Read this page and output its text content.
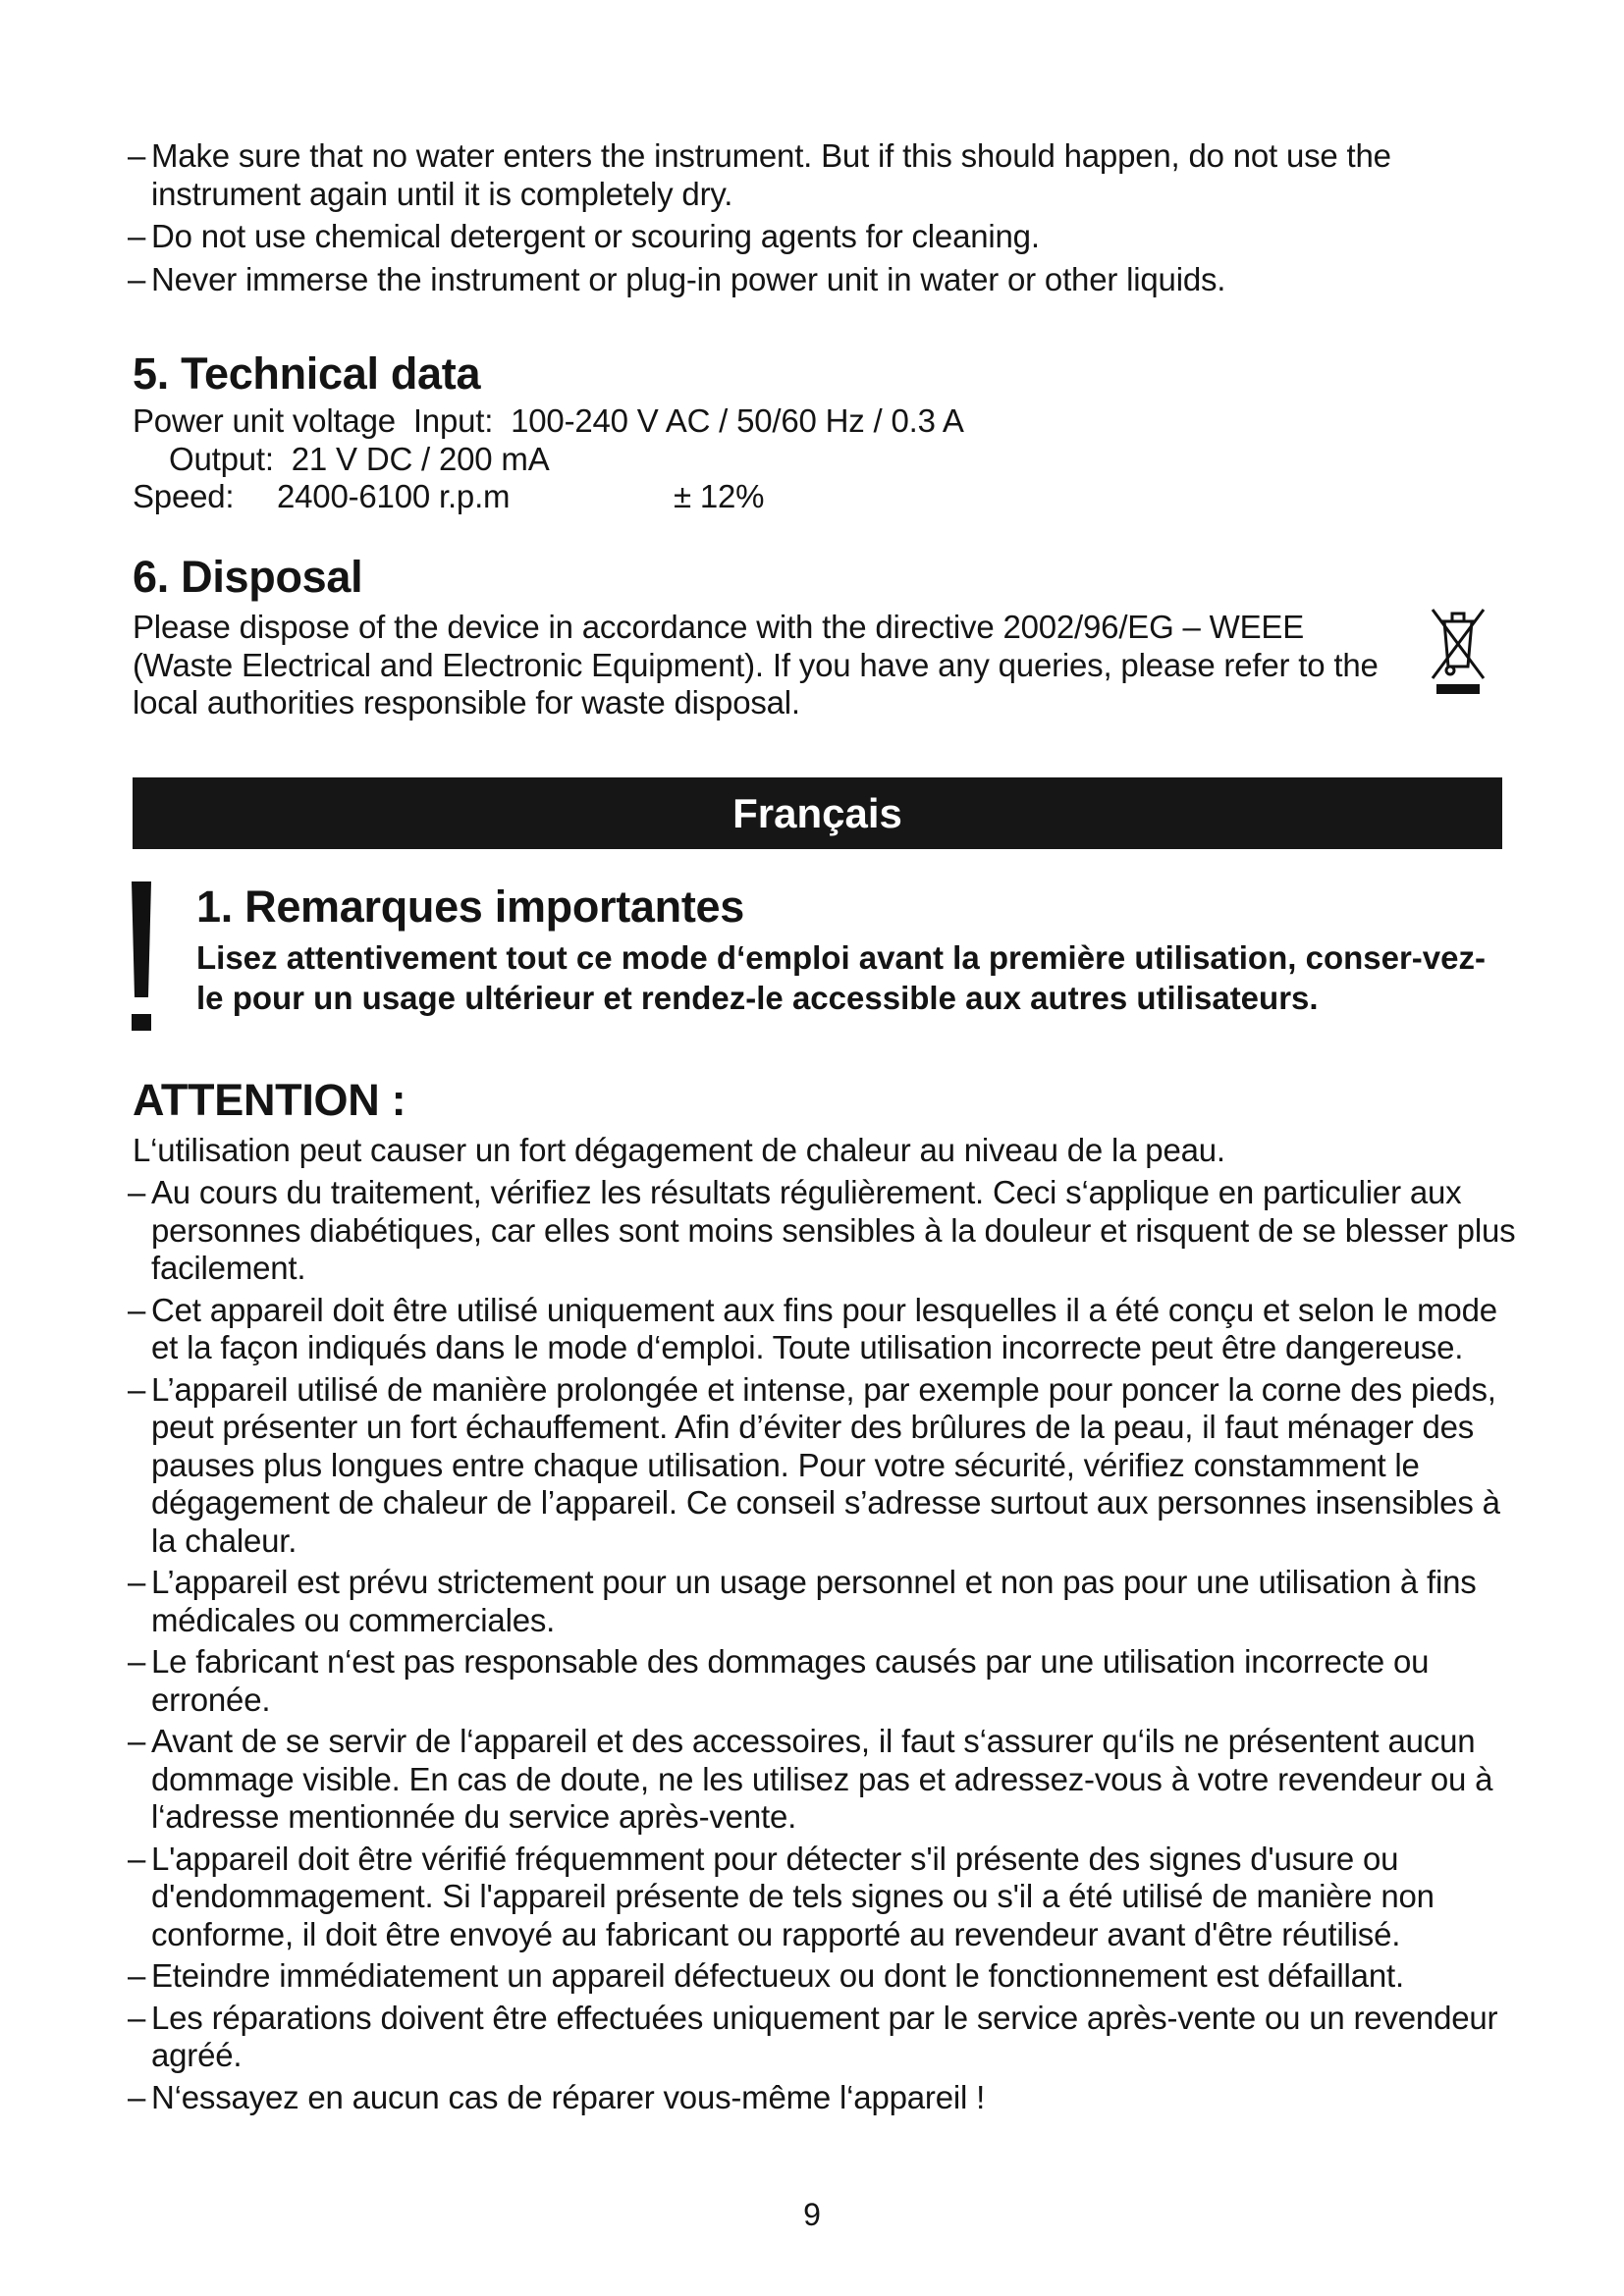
– Make sure that no water enters the instrument. But if this should happen, do not use the instrument again until it is completely dry.
– Do not use chemical detergent or scouring agents for cleaning.
– Never immerse the instrument or plug-in power unit in water or other liquids.
5. Technical data
Power unit voltage  Input:  100-240 V AC / 50/60 Hz / 0.3 A
Output:  21 V DC / 200 mA
Speed: 2400-6100 r.p.m	± 12%
6. Disposal
Please dispose of the device in accordance with the directive 2002/96/EG – WEEE (Waste Electrical and Electronic Equipment). If you have any queries, please refer to the local authorities responsible for waste disposal.
Français
1. Remarques importantes
Lisez attentivement tout ce mode d‘emploi avant la première utilisation, conser-vez-le pour un usage ultérieur et rendez-le accessible aux autres utilisateurs.
ATTENTION :
L‘utilisation peut causer un fort dégagement de chaleur au niveau de la peau.
– Au cours du traitement, vérifiez les résultats régulièrement. Ceci s‘applique en particulier aux personnes diabétiques, car elles sont moins sensibles à la douleur et risquent de se blesser plus facilement.
– Cet appareil doit être utilisé uniquement aux fins pour lesquelles il a été conçu et selon le mode et la façon indiqués dans le mode d‘emploi. Toute utilisation incorrecte peut être dangereuse.
– L’appareil utilisé de manière prolongée et intense, par exemple pour poncer la corne des pieds, peut présenter un fort échauffement. Afin d’éviter des brûlures de la peau, il faut ménager des pauses plus longues entre chaque utilisation. Pour votre sécurité, vérifiez constamment le dégagement de chaleur de l’appareil. Ce conseil s’adresse surtout aux personnes insensibles à la chaleur.
– L’appareil est prévu strictement pour un usage personnel et non pas pour une utilisation à fins médicales ou commerciales.
– Le fabricant n‘est pas responsable des dommages causés par une utilisation incorrecte ou erronée.
– Avant de se servir de l‘appareil et des accessoires, il faut s‘assurer qu‘ils ne présentent aucun dommage visible. En cas de doute, ne les utilisez pas et adressez-vous à votre revendeur ou à l‘adresse mentionnée du service après-vente.
– L'appareil doit être vérifié fréquemment pour détecter s'il présente des signes d'usure ou d'endommagement. Si l'appareil présente de tels signes ou s'il a été utilisé de manière non conforme, il doit être envoyé au fabricant ou rapporté au revendeur avant d'être réutilisé.
– Eteindre immédiatement un appareil défectueux ou dont le fonctionnement est défaillant.
– Les réparations doivent être effectuées uniquement par le service après-vente ou un revendeur agréé.
– N‘essayez en aucun cas de réparer vous-même l‘appareil !
9
